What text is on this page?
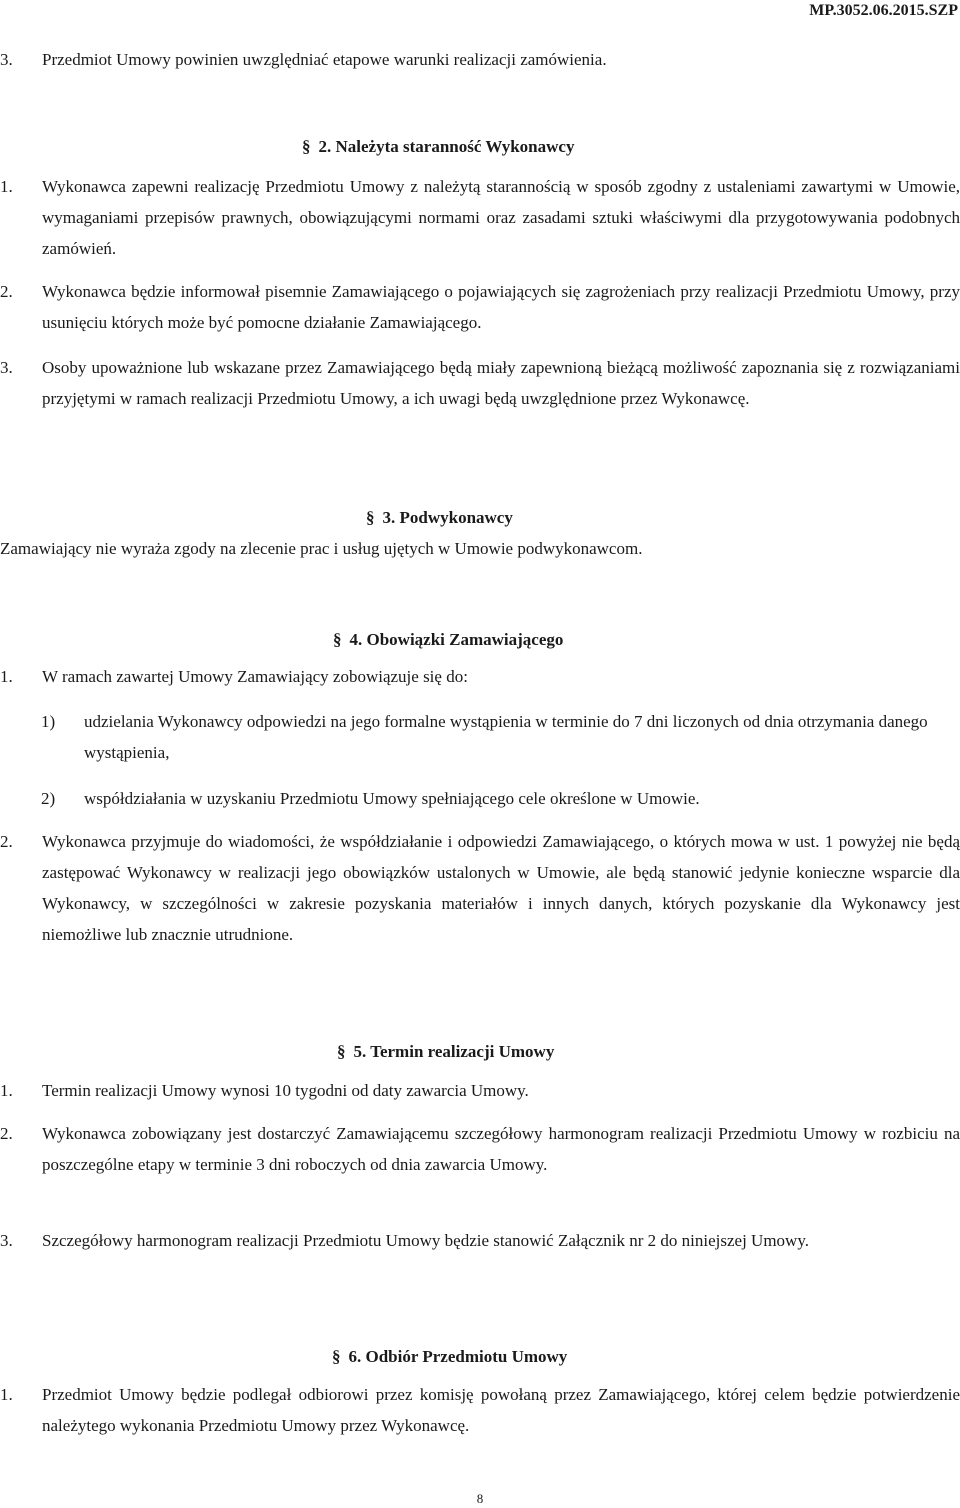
MP.3052.06.2015.SZP
3. Przedmiot Umowy powinien uwzględniać etapowe warunki realizacji zamówienia.
§ 2. Należyta staranność Wykonawcy
1. Wykonawca zapewni realizację Przedmiotu Umowy z należytą starannością w sposób zgodny z ustaleniami zawartymi w Umowie, wymaganiami przepisów prawnych, obowiązującymi normami oraz zasadami sztuki właściwymi dla przygotowywania podobnych zamówień.
2. Wykonawca będzie informował pisemnie Zamawiającego o pojawiających się zagrożeniach przy realizacji Przedmiotu Umowy, przy usunięciu których może być pomocne działanie Zamawiającego.
3. Osoby upoważnione lub wskazane przez Zamawiającego będą miały zapewnioną bieżącą możliwość zapoznania się z rozwiązaniami przyjętymi w ramach realizacji Przedmiotu Umowy, a ich uwagi będą uwzględnione przez Wykonawcę.
§ 3. Podwykonawcy
Zamawiający nie wyraża zgody na zlecenie prac i usług ujętych w Umowie podwykonawcom.
§ 4. Obowiązki Zamawiającego
1. W ramach zawartej Umowy Zamawiający zobowiązuje się do:
1) udzielania Wykonawcy odpowiedzi na jego formalne wystąpienia w terminie do 7 dni liczonych od dnia otrzymania danego wystąpienia,
2) współdziałania w uzyskaniu Przedmiotu Umowy spełniającego cele określone w Umowie.
2. Wykonawca przyjmuje do wiadomości, że współdziałanie i odpowiedzi Zamawiającego, o których mowa w ust. 1 powyżej nie będą zastępować Wykonawcy w realizacji jego obowiązków ustalonych w Umowie, ale będą stanowić jedynie konieczne wsparcie dla Wykonawcy, w szczególności w zakresie pozyskania materiałów i innych danych, których pozyskanie dla Wykonawcy jest niemożliwe lub znacznie utrudnione.
§ 5. Termin realizacji Umowy
1. Termin realizacji Umowy wynosi 10 tygodni od daty zawarcia Umowy.
2. Wykonawca zobowiązany jest dostarczyć Zamawiającemu szczegółowy harmonogram realizacji Przedmiotu Umowy w rozbiciu na poszczególne etapy w terminie 3 dni roboczych od dnia zawarcia Umowy.
3. Szczegółowy harmonogram realizacji Przedmiotu Umowy będzie stanowić Załącznik nr 2 do niniejszej Umowy.
§ 6. Odbiór Przedmiotu Umowy
1. Przedmiot Umowy będzie podlegał odbiorowi przez komisję powołaną przez Zamawiającego, której celem będzie potwierdzenie należytego wykonania Przedmiotu Umowy przez Wykonawcę.
8
